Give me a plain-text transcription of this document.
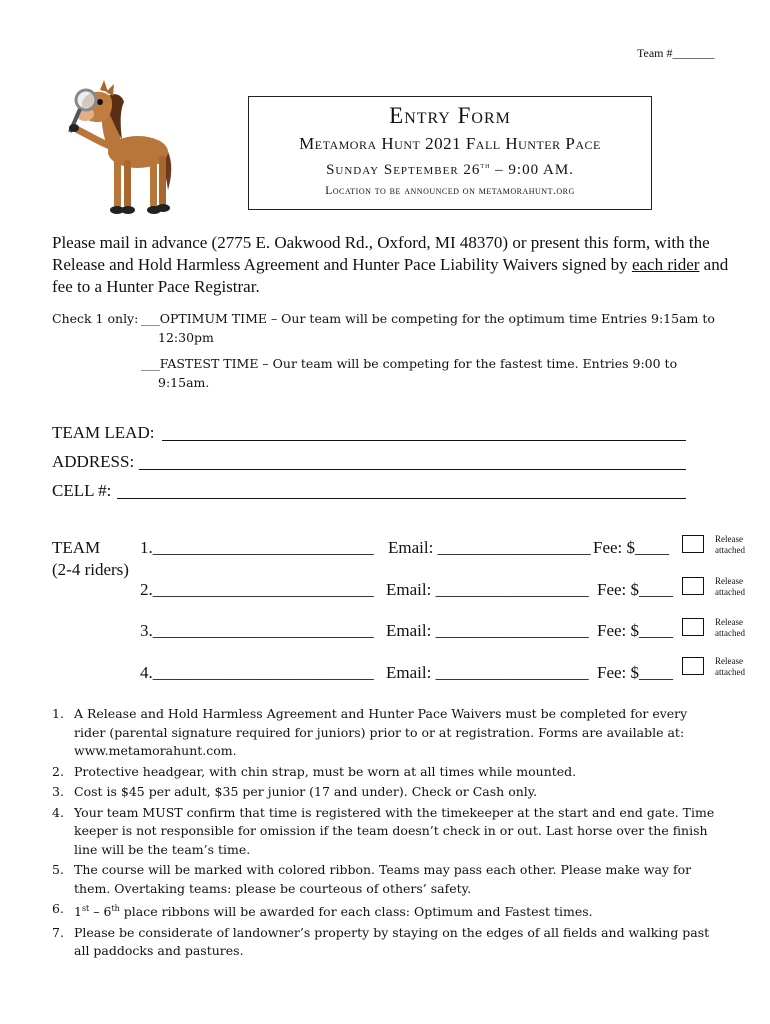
Team #_______
Entry Form
Metamora Hunt 2021 Fall Hunter Pace
Sunday September 26th – 9:00 AM.
Location to be announced on metamorahunt.org
Please mail in advance (2775 E. Oakwood Rd., Oxford, MI 48370) or present this form, with the Release and Hold Harmless Agreement and Hunter Pace Liability Waivers signed by each rider and fee to a Hunter Pace Registrar.
Check 1 only: ___OPTIMUM TIME – Our team will be competing for the optimum time Entries 9:15am to
12:30pm
___FASTEST TIME – Our team will be competing for the fastest time. Entries 9:00 to
9:15am.
TEAM LEAD:
ADDRESS:
CELL #:
TEAM
(2-4 riders)
1.__________________________ Email: __________________ Fee: $____	Release
attached
2.__________________________ Email: __________________ Fee: $____	Release
attached
3.__________________________ Email: __________________ Fee: $____	Release
attached
4.__________________________ Email: __________________ Fee: $____
Release
attached
1. A Release and Hold Harmless Agreement and Hunter Pace Waivers must be completed for every rider (parental signature required for juniors) prior to or at registration. Forms are available at: www.metamorahunt.com.
2. Protective headgear, with chin strap, must be worn at all times while mounted.
3. Cost is $45 per adult, $35 per junior (17 and under). Check or Cash only.
4. Your team MUST confirm that time is registered with the timekeeper at the start and end gate. Time keeper is not responsible for omission if the team doesn’t check in or out. Last horse over the finish line will be the team’s time.
5. The course will be marked with colored ribbon. Teams may pass each other. Please make way for them. Overtaking teams: please be courteous of others’ safety.
6. 1st – 6th place ribbons will be awarded for each class: Optimum and Fastest times.
7. Please be considerate of landowner’s property by staying on the edges of all fields and walking past all paddocks and pastures.
